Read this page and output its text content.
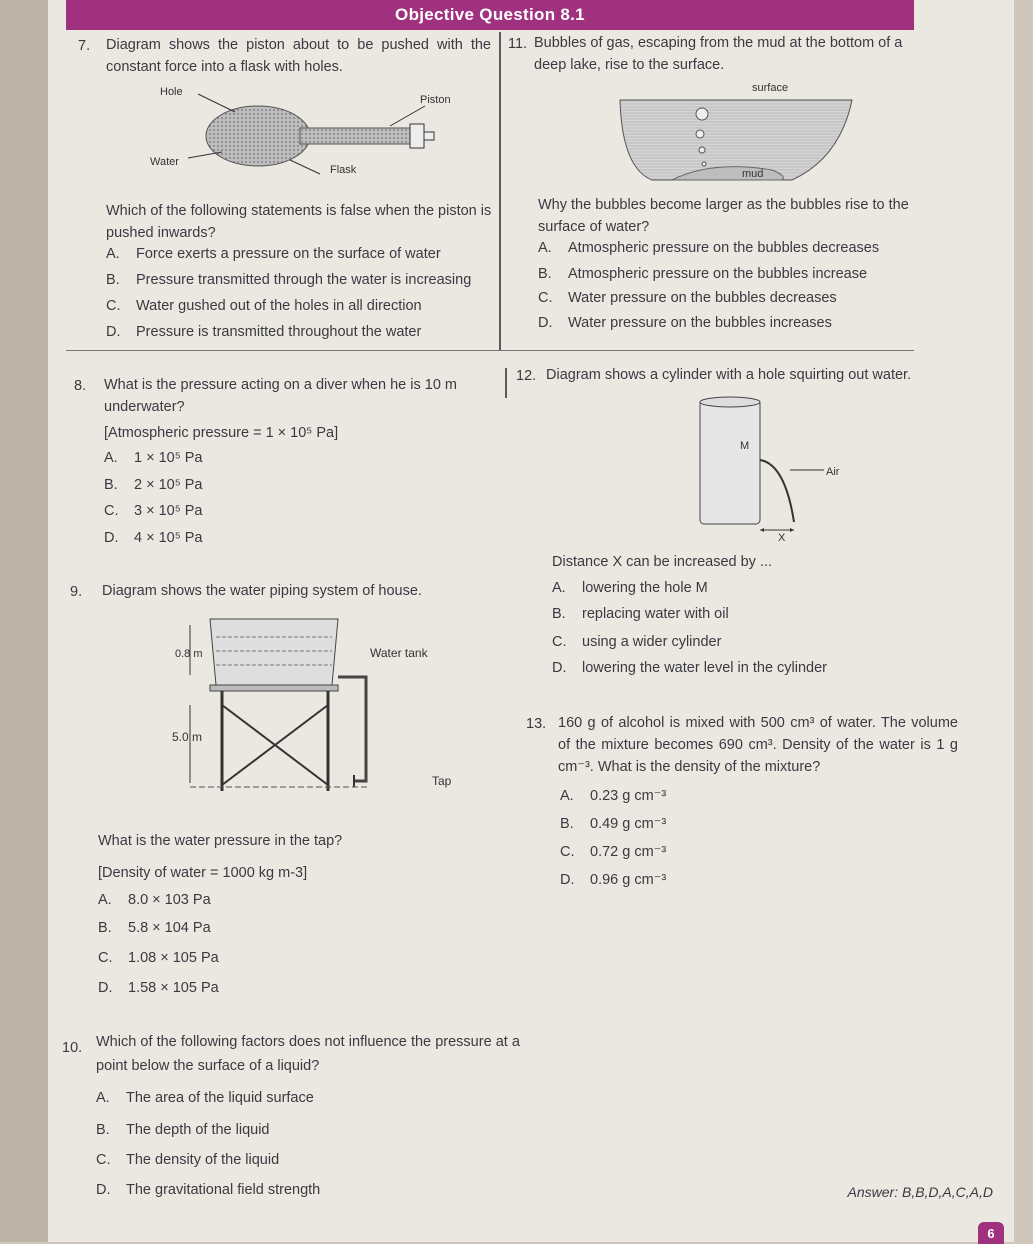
Objective Question 8.1
7. Diagram shows the piston about to be pushed with the constant force into a flask with holes.
Hole
Piston
Water
Flask
Which of the following statements is false when the piston is pushed inwards?
A. Force exerts a pressure on the surface of water
B. Pressure transmitted through the water is increasing
C. Water gushed out of the holes in all direction
D. Pressure is transmitted throughout the water
11. Bubbles of gas, escaping from the mud at the bottom of a deep lake, rise to the surface.
surface
mud
Why the bubbles become larger as the bubbles rise to the surface of water?
A. Atmospheric pressure on the bubbles decreases
B. Atmospheric pressure on the bubbles increase
C. Water pressure on the bubbles decreases
D. Water pressure on the bubbles increases
8. What is the pressure acting on a diver when he is 10 m underwater?
[Atmospheric pressure = 1 × 10⁵ Pa]
A. 1 × 10⁵ Pa
B. 2 × 10⁵ Pa
C. 3 × 10⁵ Pa
D. 4 × 10⁵ Pa
12. Diagram shows a cylinder with a hole squirting out water.
M
Air
X
Distance X can be increased by ...
A. lowering the hole M
B. replacing water with oil
C. using a wider cylinder
D. lowering the water level in the cylinder
9. Diagram shows the water piping system of house.
0.8 m
5.0 m
Water tank
Tap
What is the water pressure in the tap?
[Density of water = 1000 kg m-3]
A. 8.0 × 103 Pa
B. 5.8 × 104 Pa
C. 1.08 × 105 Pa
D. 1.58 × 105 Pa
13. 160 g of alcohol is mixed with 500 cm³ of water. The volume of the mixture becomes 690 cm³. Density of the water is 1 g cm⁻³. What is the density of the mixture?
A. 0.23 g cm⁻³
B. 0.49 g cm⁻³
C. 0.72 g cm⁻³
D. 0.96 g cm⁻³
10. Which of the following factors does not influence the pressure at a point below the surface of a liquid?
A. The area of the liquid surface
B. The depth of the liquid
C. The density of the liquid
D. The gravitational field strength	Answer: B,B,D,A,C,A,D
6
